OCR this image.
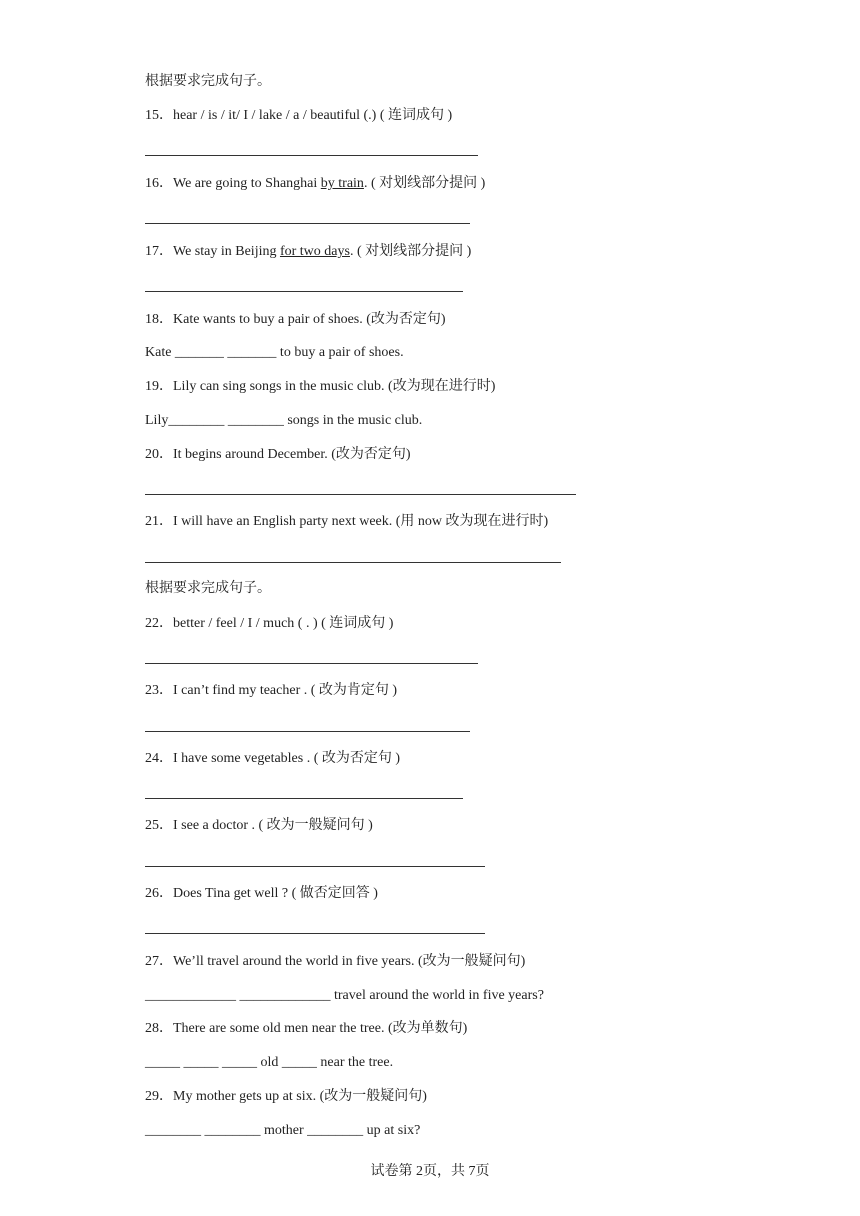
根据要求完成句子。
15．hear / is / it/ I / lake / a / beautiful (.) ( 连词成句 )
16．We are going to Shanghai by train. ( 对划线部分提问 )
17．We stay in Beijing for two days. ( 对划线部分提问 )
18．Kate wants to buy a pair of shoes. (改为否定句)
Kate _______ _______ to buy a pair of shoes.
19．Lily can sing songs in the music club. (改为现在进行时)
Lily________ ________ songs in the music club.
20．It begins around December. (改为否定句)
21．I will have an English party next week. (用 now 改为现在进行时)
根据要求完成句子。
22．better / feel / I / much ( . ) ( 连词成句 )
23．I can’t find my teacher . ( 改为肯定句 )
24．I have some vegetables . ( 改为否定句 )
25．I see a doctor . ( 改为一般疑问句 )
26．Does Tina get well ? ( 做否定回答 )
27．We’ll travel around the world in five years. (改为一般疑问句)
_____________ _____________ travel around the world in five years?
28．There are some old men near the tree. (改为单数句)
_____ _____ _____ old _____ near the tree.
29．My mother gets up at six. (改为一般疑问句)
________ ________ mother ________ up at six?
试卷第 2页，共 7页
